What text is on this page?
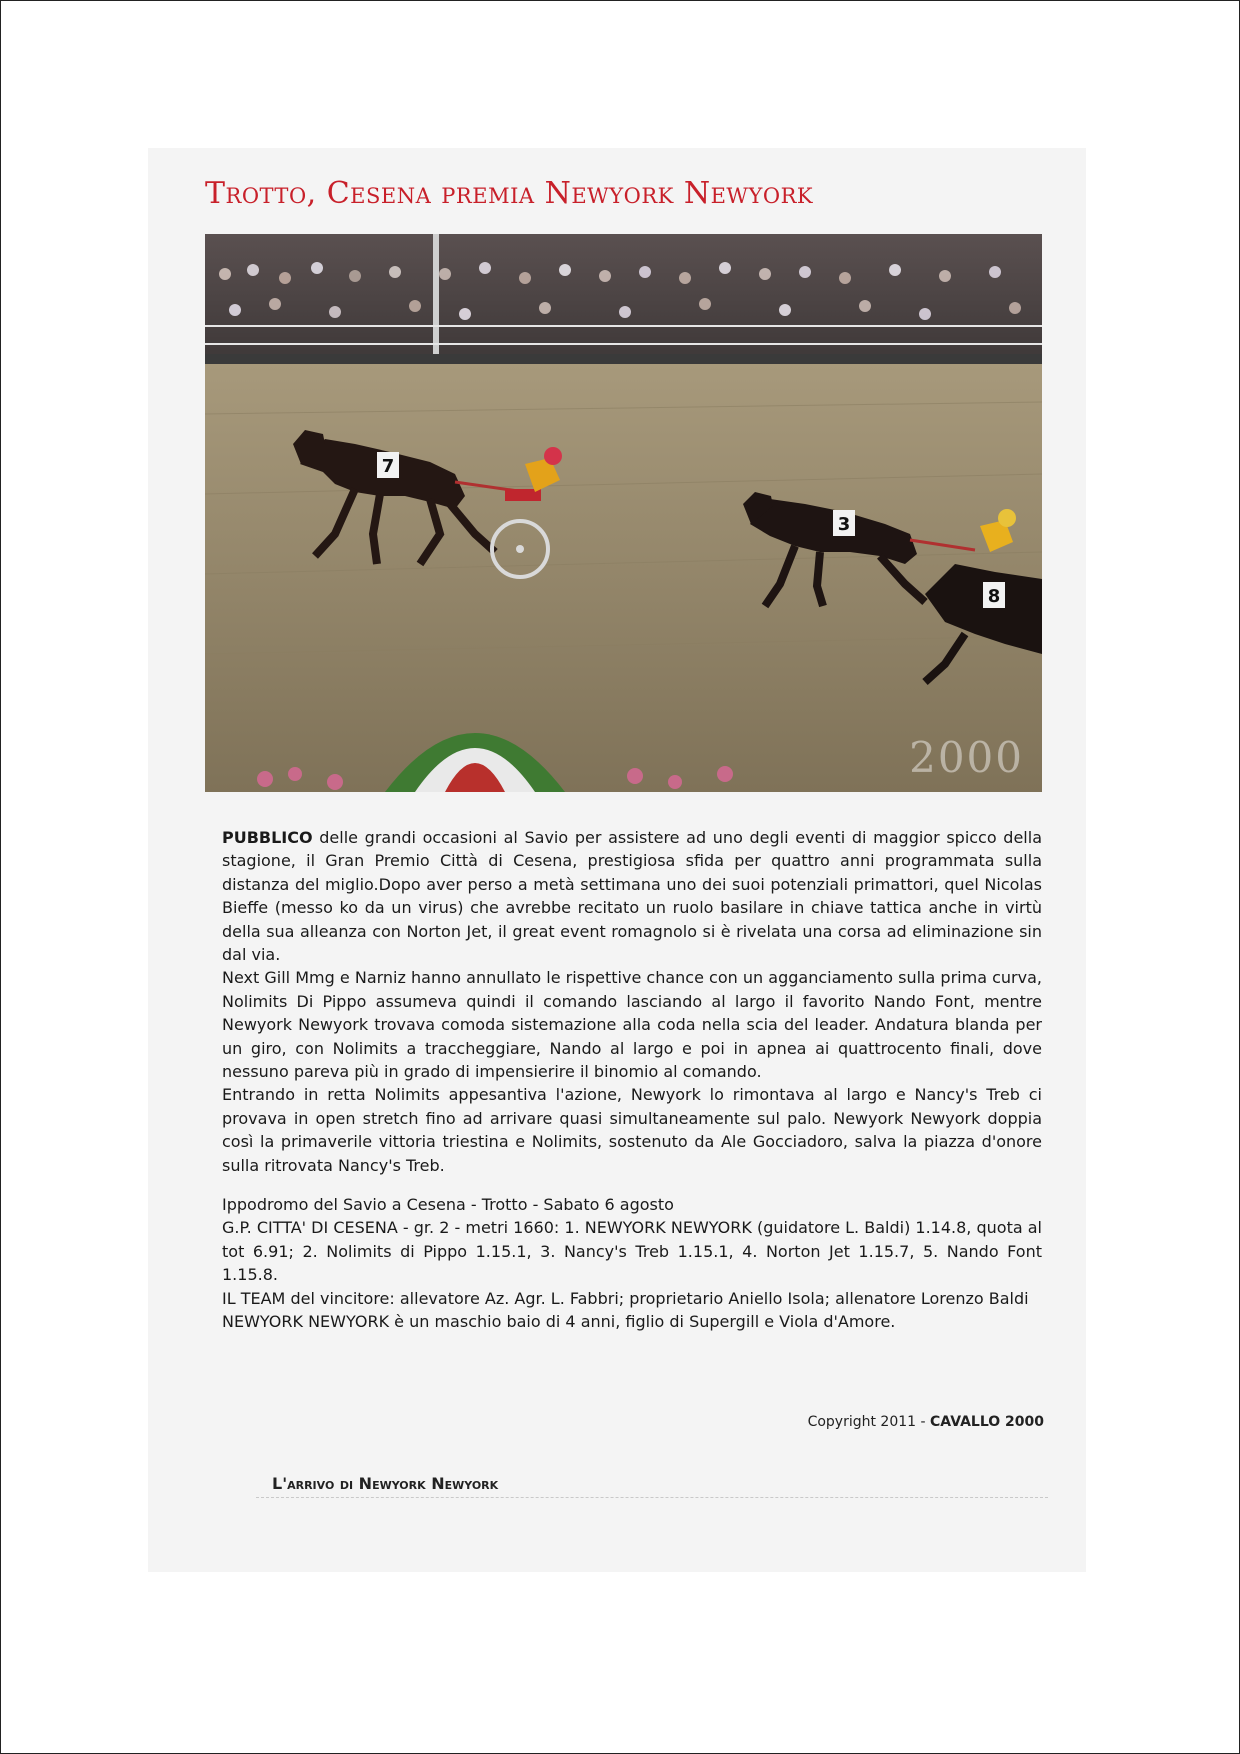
Trotto, Cesena premia Newyork Newyork
7
3
8
2000

PUBBLICO delle grandi occasioni al Savio per assistere ad uno degli eventi di maggior spicco della stagione, il Gran Premio Città di Cesena, prestigiosa sfida per quattro anni programmata sulla distanza del miglio.Dopo aver perso a metà settimana uno dei suoi potenziali primattori, quel Nicolas Bieffe (messo ko da un virus) che avrebbe recitato un ruolo basilare in chiave tattica anche in virtù della sua alleanza con Norton Jet, il great event romagnolo si è rivelata una corsa ad eliminazione sin dal via.

Next Gill Mmg e Narniz hanno annullato le rispettive chance con un agganciamento sulla prima curva, Nolimits Di Pippo assumeva quindi il comando lasciando al largo il favorito Nando Font, mentre Newyork Newyork trovava comoda sistemazione alla coda nella scia del leader. Andatura blanda per un giro, con Nolimits a traccheggiare, Nando al largo e poi in apnea ai quattrocento finali, dove nessuno pareva più in grado di impensierire il binomio al comando.

Entrando in retta Nolimits appesantiva l'azione, Newyork lo rimontava al largo e Nancy's Treb ci provava in open stretch fino ad arrivare quasi simultaneamente sul palo. Newyork Newyork doppia così la primaverile vittoria triestina e Nolimits, sostenuto da Ale Gocciadoro, salva la piazza d'onore sulla ritrovata Nancy's Treb.

Ippodromo del Savio a Cesena - Trotto - Sabato 6 agosto

G.P. CITTA' DI CESENA - gr. 2 - metri 1660: 1. NEWYORK NEWYORK (guidatore L. Baldi) 1.14.8, quota al tot 6.91; 2. Nolimits di Pippo 1.15.1, 3. Nancy's Treb 1.15.1, 4. Norton Jet 1.15.7, 5. Nando Font 1.15.8.

IL TEAM del vincitore: allevatore Az. Agr. L. Fabbri; proprietario Aniello Isola; allenatore Lorenzo Baldi

NEWYORK NEWYORK è un maschio baio di 4 anni, figlio di Supergill e Viola d'Amore.

Copyright 2011 - CAVALLO 2000
L'arrivo di Newyork Newyork
